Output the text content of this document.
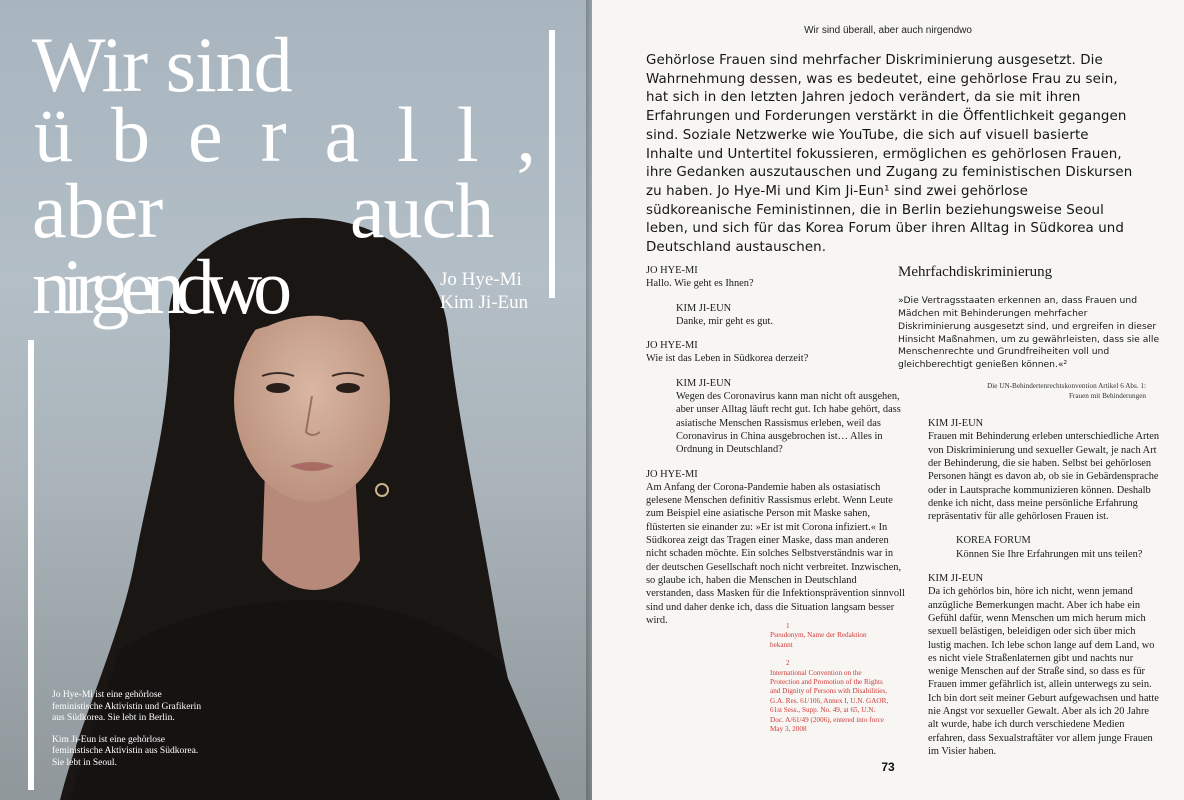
Wir sind
überall,
aber auch
nirgendwo	Jo Hye-Mi
Kim Ji-Eun

Jo Hye-Mi ist eine gehörlose feministische Aktivistin und Grafikerin aus Südkorea. Sie lebt in Berlin.

Kim Ji-Eun ist eine gehörlose feministische Aktivistin aus Südkorea. Sie lebt in Seoul.

Wir sind überall, aber auch nirgendwo

Gehörlose Frauen sind mehrfacher Diskriminierung ausgesetzt. Die Wahrnehmung dessen, was es bedeutet, eine gehörlose Frau zu sein, hat sich in den letzten Jahren jedoch verändert, da sie mit ihren Erfahrungen und Forderungen verstärkt in die Öffentlichkeit gegangen sind. Soziale Netzwerke wie YouTube, die sich auf visuell basierte Inhalte und Untertitel fokussieren, ermöglichen es gehörlosen Frauen, ihre Gedanken auszutauschen und Zugang zu feministischen Diskursen zu haben. Jo Hye-Mi und Kim Ji-Eun¹ sind zwei gehörlose südkoreanische Feministinnen, die in Berlin beziehungsweise Seoul leben, und sich für das Korea Forum über ihren Alltag in Südkorea und Deutschland austauschen.

JO HYE-MI

Hallo. Wie geht es Ihnen?

KIM JI-EUN

Danke, mir geht es gut.

JO HYE-MI

Wie ist das Leben in Südkorea derzeit?

KIM JI-EUN

Wegen des Coronavirus kann man nicht oft ausgehen, aber unser Alltag läuft recht gut. Ich habe gehört, dass asiatische Menschen Rassismus erleben, weil das Coronavirus in China ausgebrochen ist… Alles in Ordnung in Deutschland?

JO HYE-MI

Am Anfang der Corona-Pandemie haben als ostasiatisch gelesene Menschen definitiv Rassismus erlebt. Wenn Leute zum Beispiel eine asiatische Person mit Maske sahen, flüsterten sie einander zu: »Er ist mit Corona infiziert.« In Südkorea zeigt das Tragen einer Maske, dass man anderen nicht schaden möchte. Ein solches Selbstverständnis war in der deutschen Gesellschaft noch nicht verbreitet. Inzwischen, so glaube ich, haben die Menschen in Deutschland verstanden, dass Masken für die Infektionsprävention sinnvoll sind und daher denke ich, dass die Situation langsam besser wird.

Mehrfachdiskriminierung

»Die Vertragsstaaten erkennen an, dass Frauen und Mädchen mit Behinderungen mehrfacher Diskriminierung ausgesetzt sind, und ergreifen in dieser Hinsicht Maßnahmen, um zu gewährleisten, dass sie alle Menschenrechte und Grundfreiheiten voll und gleichberechtigt genießen können.«²

Die UN-Behindertenrechtskonvention Artikel 6 Abs. 1: Frauen mit Behinderungen

KIM JI-EUN

Frauen mit Behinderung erleben unterschiedliche Arten von Diskriminierung und sexueller Gewalt, je nach Art der Behinderung, die sie haben. Selbst bei gehörlosen Personen hängt es davon ab, ob sie in Gebärdensprache oder in Lautsprache kommunizieren können. Deshalb denke ich nicht, dass meine persönliche Erfahrung repräsentativ für alle gehörlosen Frauen ist.

KOREA FORUM

Können Sie Ihre Erfahrungen mit uns teilen?

KIM JI-EUN

Da ich gehörlos bin, höre ich nicht, wenn jemand anzügliche Bemerkungen macht. Aber ich habe ein Gefühl dafür, wenn Menschen um mich herum mich sexuell belästigen, beleidigen oder sich über mich lustig machen. Ich lebe schon lange auf dem Land, wo es nicht viele Straßenlaternen gibt und nachts nur wenige Menschen auf der Straße sind, so dass es für Frauen immer gefährlich ist, allein unterwegs zu sein. Ich bin dort seit meiner Geburt aufgewachsen und hatte nie Angst vor sexueller Gewalt. Aber als ich 20 Jahre alt wurde, habe ich durch verschiedene Medien erfahren, dass Sexualstraftäter vor allem junge Frauen im Visier haben.

1
Pseudonym, Name der Redaktion bekannt
2
International Convention on the Protection and Promotion of the Rights and Dignity of Persons with Disabilities, G.A. Res. 61/106, Annex I, U.N. GAOR, 61st Sess., Supp. No. 49, at 65, U.N. Doc. A/61/49 (2006), entered into force May 3, 2008
73
